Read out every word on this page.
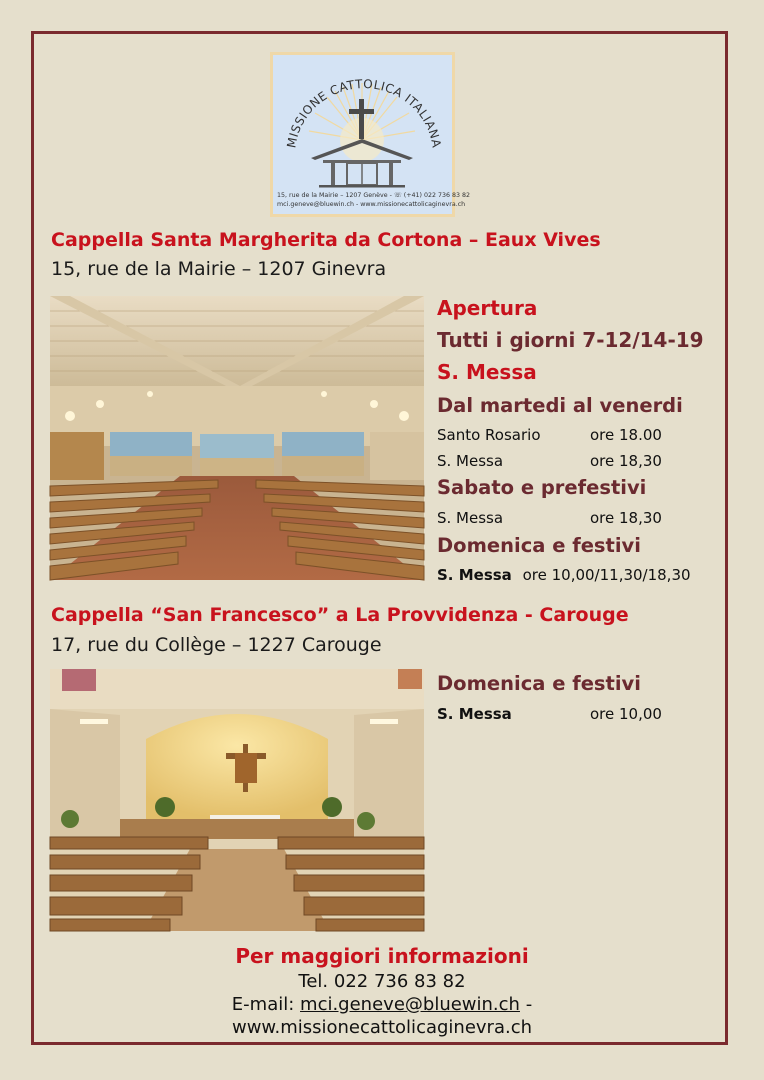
MISSIONE CATTOLICA ITALIANA
15, rue de la Mairie – 1207 Genève - ☏ (+41) 022 736 83 82
mci.geneve@bluewin.ch - www.missionecattolicaginevra.ch
Cappella Santa Margherita da Cortona – Eaux Vives
15, rue de la Mairie – 1207 Ginevra
Apertura
Tutti i giorni 7-12/14-19
S. Messa
Dal martedi al venerdi
Santo Rosario	ore 18.00
S. Messa	ore 18,30
Sabato e prefestivi
S. Messa	ore 18,30
Domenica e festivi
S. Messa ore 10,00/11,30/18,30
Cappella “San Francesco” a La Provvidenza - Carouge
17, rue du Collège – 1227 Carouge
Domenica e festivi
S. Messa	ore 10,00
Per maggiori informazioni
Tel. 022 736 83 82
E-mail: mci.geneve@bluewin.ch -
www.missionecattolicaginevra.ch
